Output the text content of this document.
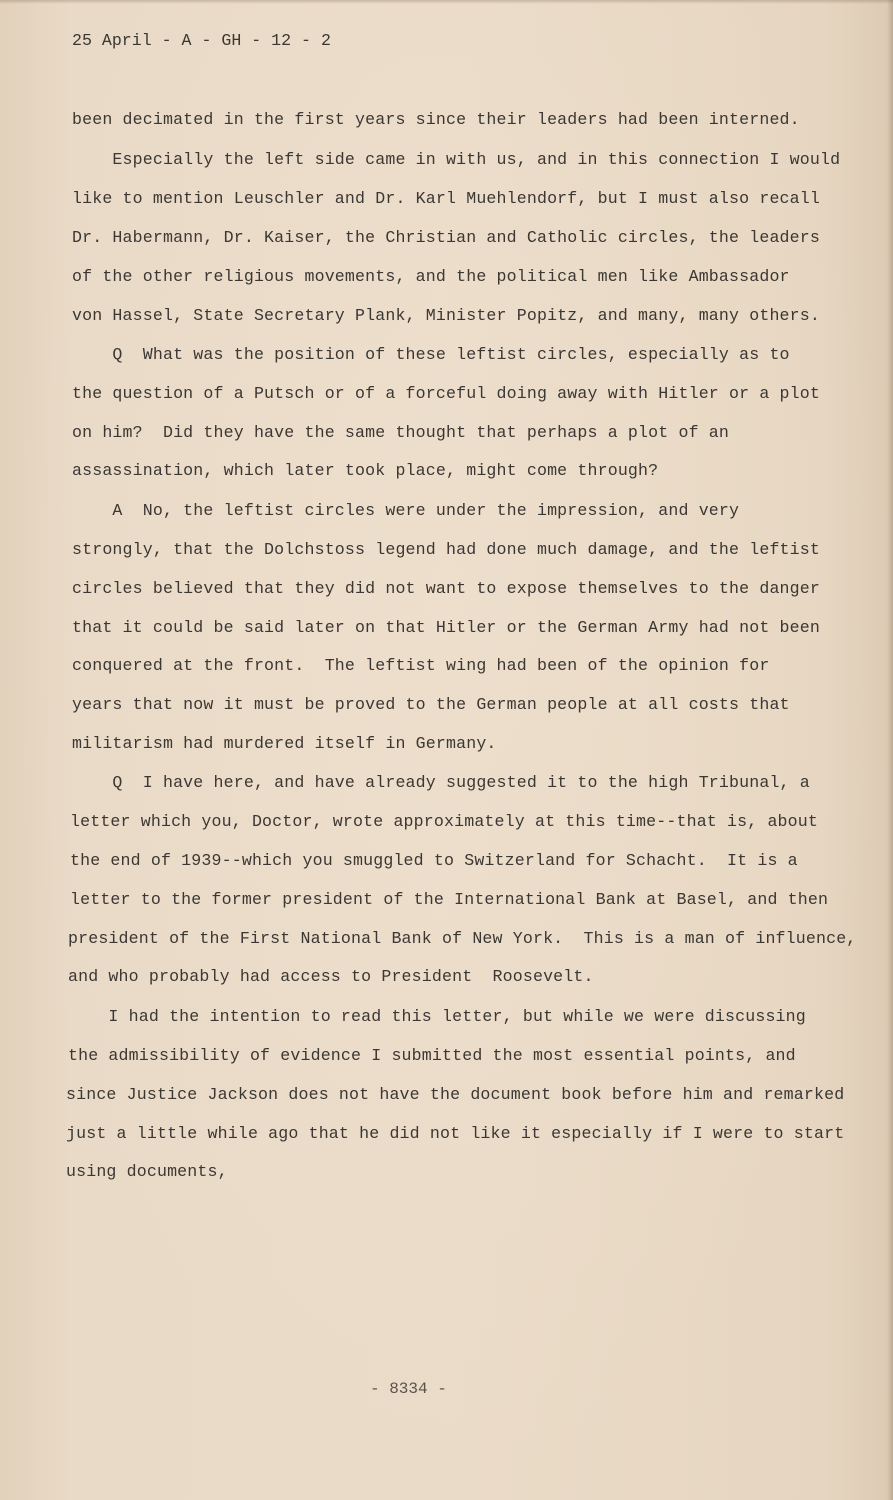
25 April - A - GH - 12 - 2
been decimated in the first years since their leaders had been interned.
Especially the left side came in with us, and in this connection I would
like to mention Leuschler and Dr. Karl Muehlendorf, but I must also recall
Dr. Habermann, Dr. Kaiser, the Christian and Catholic circles, the leaders
of the other religious movements, and the political men like Ambassador
von Hassel, State Secretary Plank, Minister Popitz, and many, many others.
Q  What was the position of these leftist circles, especially as to
the question of a Putsch or of a forceful doing away with Hitler or a plot
on him?  Did they have the same thought that perhaps a plot of an
assassination, which later took place, might come through?
A  No, the leftist circles were under the impression, and very
strongly, that the Dolchstoss legend had done much damage, and the leftist
circles believed that they did not want to expose themselves to the danger
that it could be said later on that Hitler or the German Army had not been
conquered at the front.  The leftist wing had been of the opinion for
years that now it must be proved to the German people at all costs that
militarism had murdered itself in Germany.
Q  I have here, and have already suggested it to the high Tribunal, a
letter which you, Doctor, wrote approximately at this time--that is, about
the end of 1939--which you smuggled to Switzerland for Schacht.  It is a
letter to the former president of the International Bank at Basel, and then
president of the First National Bank of New York.  This is a man of influence,
and who probably had access to President  Roosevelt.
I had the intention to read this letter, but while we were discussing
the admissibility of evidence I submitted the most essential points, and
since Justice Jackson does not have the document book before him and remarked
just a little while ago that he did not like it especially if I were to start
using documents,
- 8334 -
